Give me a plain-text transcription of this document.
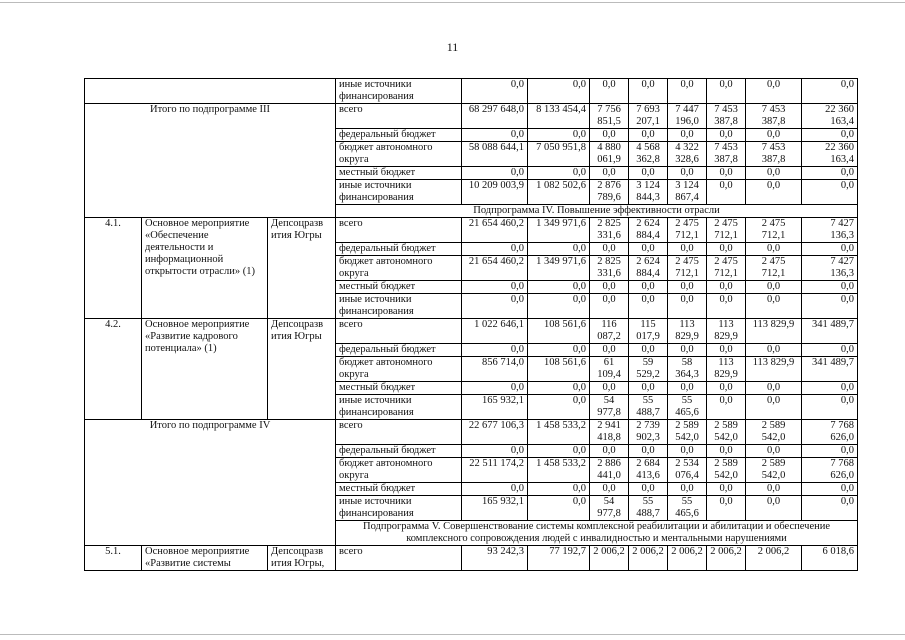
11
			иные источники финансирования	0,0	0,0	0,0	0,0	0,0	0,0	0,0	0,0
Итого по подпрограмме III			всего	68 297 648,0	8 133 454,4	7 756 851,5	7 693 207,1	7 447 196,0	7 453 387,8	7 453 387,8	22 360 163,4
			федеральный бюджет	0,0	0,0	0,0	0,0	0,0	0,0	0,0	0,0
			бюджет автономного округа	58 088 644,1	7 050 951,8	4 880 061,9	4 568 362,8	4 322 328,6	7 453 387,8	7 453 387,8	22 360 163,4
			местный бюджет	0,0	0,0	0,0	0,0	0,0	0,0	0,0	0,0
			иные источники финансирования	10 209 003,9	1 082 502,6	2 876 789,6	3 124 844,3	3 124 867,4	0,0	0,0	0,0
			Подпрограмма IV. Повышение эффективности отрасли								
4.1.	Основное мероприятие «Обеспечение деятельности и информационной открытости отрасли» (1)	Депсоцразв ития Югры	всего	21 654 460,2	1 349 971,6	2 825 331,6	2 624 884,4	2 475 712,1	2 475 712,1	2 475 712,1	7 427 136,3
			федеральный бюджет	0,0	0,0	0,0	0,0	0,0	0,0	0,0	0,0
			бюджет автономного округа	21 654 460,2	1 349 971,6	2 825 331,6	2 624 884,4	2 475 712,1	2 475 712,1	2 475 712,1	7 427 136,3
			местный бюджет	0,0	0,0	0,0	0,0	0,0	0,0	0,0	0,0
			иные источники финансирования	0,0	0,0	0,0	0,0	0,0	0,0	0,0	0,0
4.2.	Основное мероприятие «Развитие кадрового потенциала» (1)	Депсоцразв ития Югры	всего	1 022 646,1	108 561,6	116 087,2	115 017,9	113 829,9	113 829,9	113 829,9	341 489,7
			федеральный бюджет	0,0	0,0	0,0	0,0	0,0	0,0	0,0	0,0
			бюджет автономного округа	856 714,0	108 561,6	61 109,4	59 529,2	58 364,3	113 829,9	113 829,9	341 489,7
			местный бюджет	0,0	0,0	0,0	0,0	0,0	0,0	0,0	0,0
			иные источники финансирования	165 932,1	0,0	54 977,8	55 488,7	55 465,6	0,0	0,0	0,0
Итого по подпрограмме IV			всего	22 677 106,3	1 458 533,2	2 941 418,8	2 739 902,3	2 589 542,0	2 589 542,0	2 589 542,0	7 768 626,0
			федеральный бюджет	0,0	0,0	0,0	0,0	0,0	0,0	0,0	0,0
			бюджет автономного округа	22 511 174,2	1 458 533,2	2 886 441,0	2 684 413,6	2 534 076,4	2 589 542,0	2 589 542,0	7 768 626,0
			местный бюджет	0,0	0,0	0,0	0,0	0,0	0,0	0,0	0,0
			иные источники финансирования	165 932,1	0,0	54 977,8	55 488,7	55 465,6	0,0	0,0	0,0
			Подпрограмма V. Совершенствование системы комплексной реабилитации и абилитации и обеспечение комплексного сопровождения людей с инвалидностью и ментальными нарушениями								
5.1.	Основное мероприятие «Развитие системы	Депсоцразв ития Югры,	всего	93 242,3	77 192,7	2 006,2	2 006,2	2 006,2	2 006,2	2 006,2	6 018,6
